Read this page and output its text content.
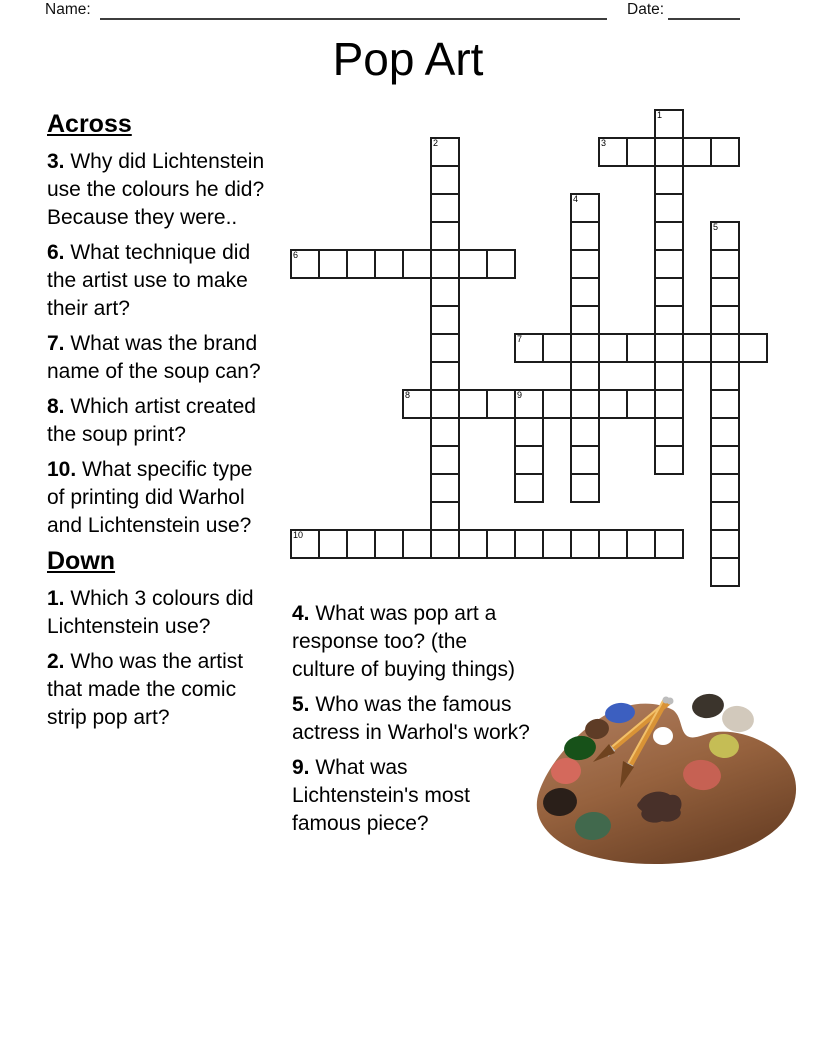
Name:	Date:
Pop Art
1
2	3
4
5
6
7
8	9
10
Across

3. Why did Lichtenstein use the colours he did? Because they were..

6. What technique did the artist use to make their art?

7. What was the brand name of the soup can?

8. Which artist created the soup print?

10. What specific type of printing did Warhol and Lichtenstein use?

Down

1. Which 3 colours did Lichtenstein use?

2. Who was the artist that made the comic strip pop art?

4. What was pop art a response too? (the culture of buying things)

5. Who was the famous actress in Warhol's work?

9. What was Lichtenstein's most famous piece?
